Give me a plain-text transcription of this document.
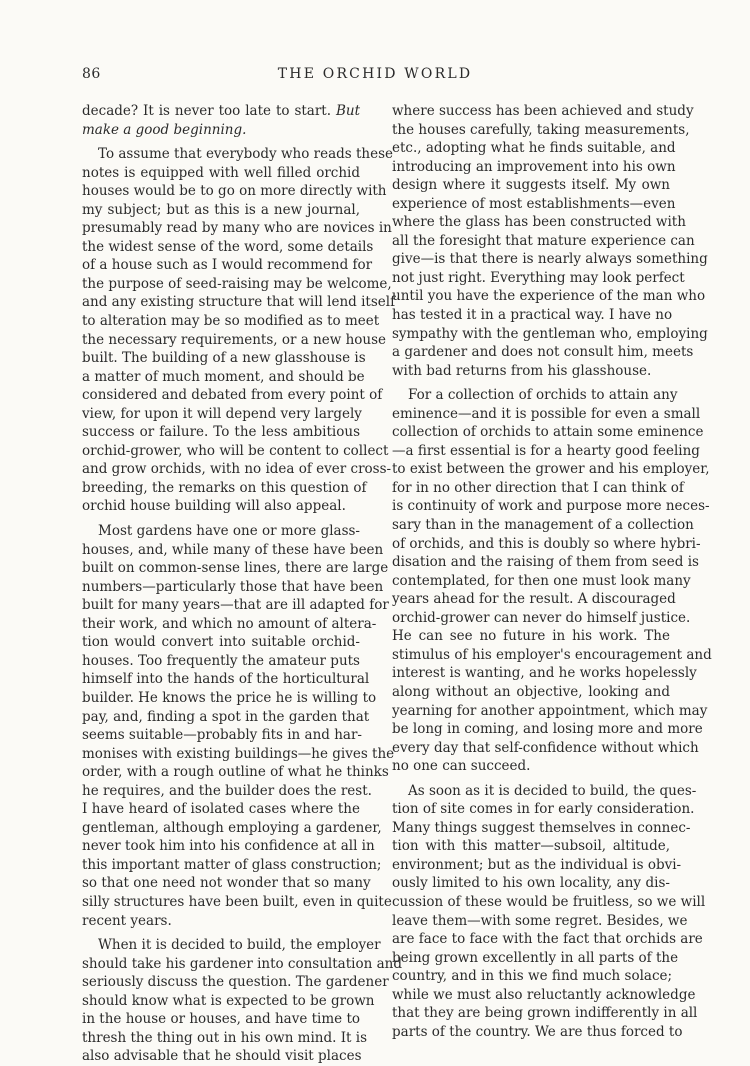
86	THE ORCHID WORLD
decade? It is never too late to start. But
make a good beginning.
To assume that everybody who reads these
notes is equipped with well filled orchid
houses would be to go on more directly with
my subject; but as this is a new journal,
presumably read by many who are novices in
the widest sense of the word, some details
of a house such as I would recommend for
the purpose of seed-raising may be welcome,
and any existing structure that will lend itself
to alteration may be so modified as to meet
the necessary requirements, or a new house
built. The building of a new glasshouse is
a matter of much moment, and should be
considered and debated from every point of
view, for upon it will depend very largely
success or failure. To the less ambitious
orchid-grower, who will be content to collect
and grow orchids, with no idea of ever cross-
breeding, the remarks on this question of
orchid house building will also appeal.
Most gardens have one or more glass-
houses, and, while many of these have been
built on common-sense lines, there are large
numbers—particularly those that have been
built for many years—that are ill adapted for
their work, and which no amount of altera-
tion would convert into suitable orchid-
houses. Too frequently the amateur puts
himself into the hands of the horticultural
builder. He knows the price he is willing to
pay, and, finding a spot in the garden that
seems suitable—probably fits in and har-
monises with existing buildings—he gives the
order, with a rough outline of what he thinks
he requires, and the builder does the rest.
I have heard of isolated cases where the
gentleman, although employing a gardener,
never took him into his confidence at all in
this important matter of glass construction;
so that one need not wonder that so many
silly structures have been built, even in quite
recent years.
When it is decided to build, the employer
should take his gardener into consultation and
seriously discuss the question. The gardener
should know what is expected to be grown
in the house or houses, and have time to
thresh the thing out in his own mind. It is
also advisable that he should visit places
where success has been achieved and study
the houses carefully, taking measurements,
etc., adopting what he finds suitable, and
introducing an improvement into his own
design where it suggests itself. My own
experience of most establishments—even
where the glass has been constructed with
all the foresight that mature experience can
give—is that there is nearly always something
not just right. Everything may look perfect
until you have the experience of the man who
has tested it in a practical way. I have no
sympathy with the gentleman who, employing
a gardener and does not consult him, meets
with bad returns from his glasshouse.
For a collection of orchids to attain any
eminence—and it is possible for even a small
collection of orchids to attain some eminence
—a first essential is for a hearty good feeling
to exist between the grower and his employer,
for in no other direction that I can think of
is continuity of work and purpose more neces-
sary than in the management of a collection
of orchids, and this is doubly so where hybri-
disation and the raising of them from seed is
contemplated, for then one must look many
years ahead for the result. A discouraged
orchid-grower can never do himself justice.
He can see no future in his work. The
stimulus of his employer's encouragement and
interest is wanting, and he works hopelessly
along without an objective, looking and
yearning for another appointment, which may
be long in coming, and losing more and more
every day that self-confidence without which
no one can succeed.
As soon as it is decided to build, the ques-
tion of site comes in for early consideration.
Many things suggest themselves in connec-
tion with this matter—subsoil, altitude,
environment; but as the individual is obvi-
ously limited to his own locality, any dis-
cussion of these would be fruitless, so we will
leave them—with some regret. Besides, we
are face to face with the fact that orchids are
being grown excellently in all parts of the
country, and in this we find much solace;
while we must also reluctantly acknowledge
that they are being grown indifferently in all
parts of the country. We are thus forced to
